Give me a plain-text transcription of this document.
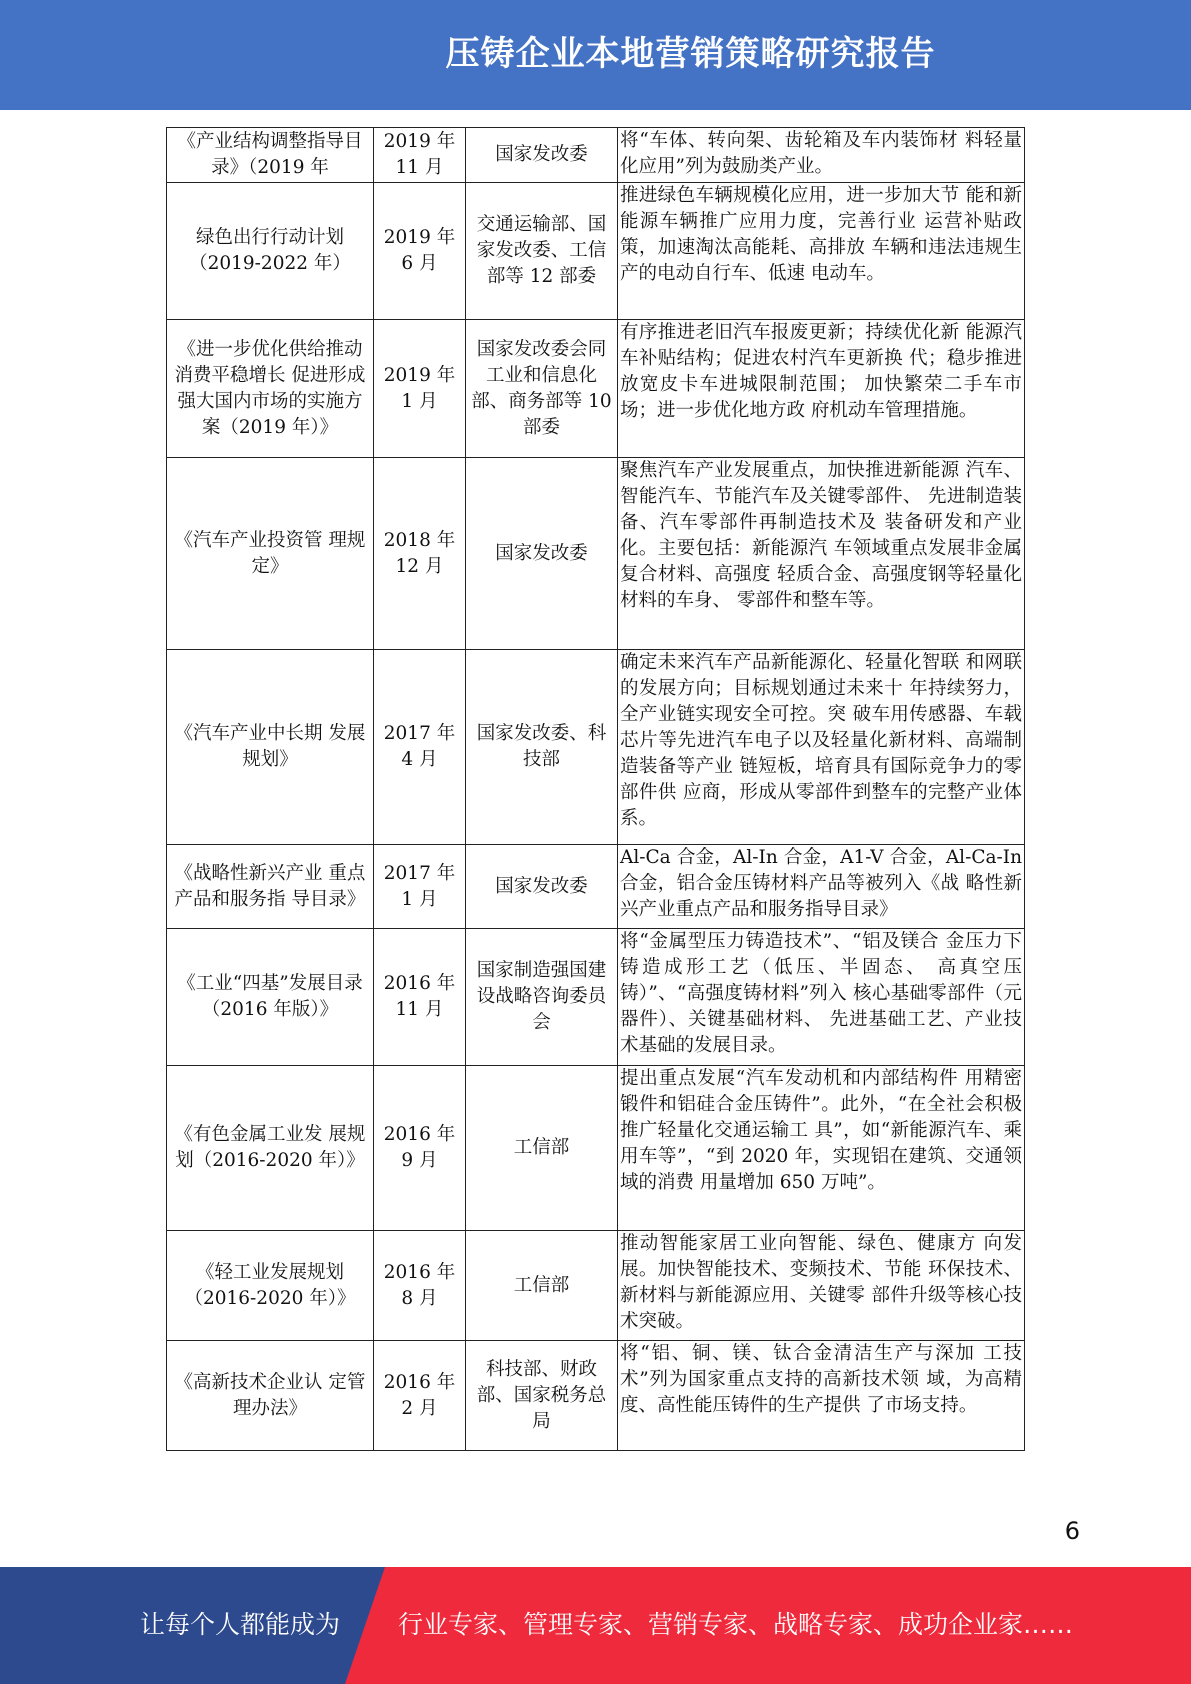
压铸企业本地营销策略研究报告
《产业结构调整指导目录》（2019 年	2019 年 11 月	国家发改委	将“车体、转向架、齿轮箱及车内装饰材 料轻量化应用”列为鼓励类产业。
绿色出行行动计划（2019-2022 年）	2019 年 6 月	交通运输部、国家发改委、工信部等 12 部委	推进绿色车辆规模化应用，进一步加大节 能和新能源车辆推广应用力度，完善行业 运营补贴政策，加速淘汰高能耗、高排放 车辆和违法违规生产的电动自行车、低速 电动车。
《进一步优化供给推动消费平稳增长 促进形成强大国内市场的实施方案（2019 年）》	2019 年 1 月	国家发改委会同工业和信息化部、商务部等 10 部委	有序推进老旧汽车报废更新；持续优化新 能源汽车补贴结构；促进农村汽车更新换 代；稳步推进放宽皮卡车进城限制范围； 加快繁荣二手车市场；进一步优化地方政 府机动车管理措施。
《汽车产业投资管 理规定》	2018 年 12 月	国家发改委	聚焦汽车产业发展重点，加快推进新能源 汽车、智能汽车、节能汽车及关键零部件、 先进制造装备、汽车零部件再制造技术及 装备研发和产业化。主要包括：新能源汽 车领域重点发展非金属复合材料、高强度 轻质合金、高强度钢等轻量化材料的车身、 零部件和整车等。
《汽车产业中长期 发展规划》	2017 年 4 月	国家发改委、科技部	确定未来汽车产品新能源化、轻量化智联 和网联的发展方向；目标规划通过未来十 年持续努力，全产业链实现安全可控。突 破车用传感器、车载芯片等先进汽车电子以及轻量化新材料、高端制造装备等产业 链短板，培育具有国际竞争力的零部件供 应商，形成从零部件到整车的完整产业体 系。
《战略性新兴产业 重点产品和服务指 导目录》	2017 年 1 月	国家发改委	Al-Ca 合金，Al-In 合金，A1-V 合金，Al-Ca-In 合金，铝合金压铸材料产品等被列入《战 略性新兴产业重点产品和服务指导目录》
《工业“四基”发展目录（2016 年版）》	2016 年 11 月	国家制造强国建设战略咨询委员会	将“金属型压力铸造技术”、“铝及镁合 金压力下铸造成形工艺（低压、半固态、 高真空压铸）”、“高强度铸材料”列入 核心基础零部件（元器件）、关键基础材料、 先进基础工艺、产业技术基础的发展目录。
《有色金属工业发 展规划（2016-2020 年）》	2016 年 9 月	工信部	提出重点发展“汽车发动机和内部结构件 用精密锻件和铝硅合金压铸件”。此外，“在全社会积极推广轻量化交通运输工 具”，如“新能源汽车、乘用车等”，“到 2020 年，实现铝在建筑、交通领域的消费 用量增加 650 万吨”。
《轻工业发展规划（2016-2020 年）》	2016 年 8 月	工信部	推动智能家居工业向智能、绿色、健康方 向发展。加快智能技术、变频技术、节能 环保技术、新材料与新能源应用、关键零 部件升级等核心技术突破。
《高新技术企业认 定管理办法》	2016 年 2 月	科技部、财政部、国家税务总局	将“铝、铜、镁、钛合金清洁生产与深加 工技术”列为国家重点支持的高新技术领 域，为高精度、高性能压铸件的生产提供 了市场支持。
6
让每个人都能成为 行业专家、管理专家、营销专家、战略专家、成功企业家……
